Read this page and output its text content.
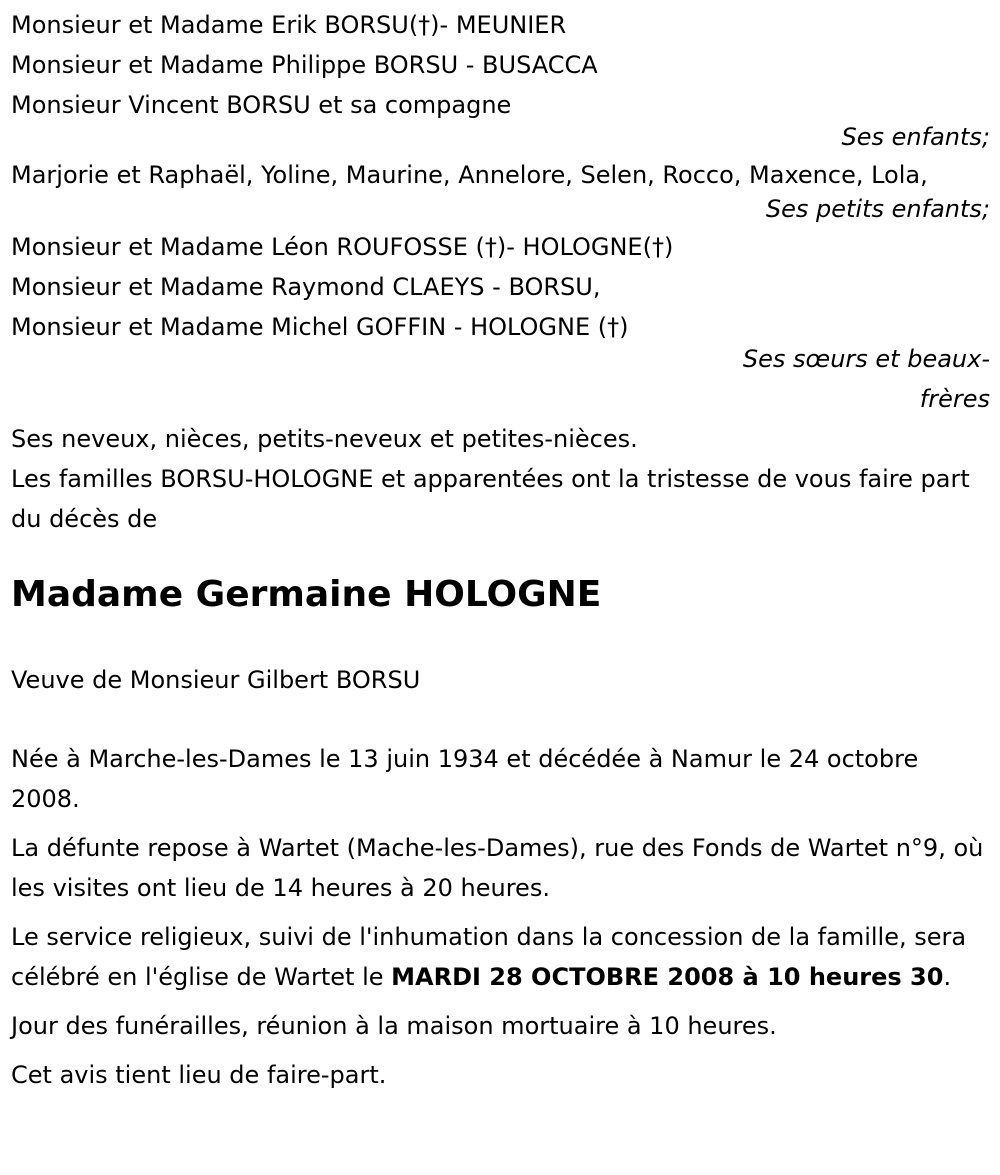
Monsieur et Madame Erik BORSU(†)- MEUNIER
Monsieur et Madame Philippe BORSU - BUSACCA
Monsieur Vincent BORSU et sa compagne
Ses enfants;

Marjorie et Raphaël, Yoline, Maurine, Annelore, Selen, Rocco, Maxence, Lola,

Ses petits enfants;
Monsieur et Madame Léon ROUFOSSE (†)- HOLOGNE(†)
Monsieur et Madame Raymond CLAEYS - BORSU,
Monsieur et Madame Michel GOFFIN - HOLOGNE (†)
Ses sœurs et beaux-frères

Ses neveux, nièces, petits-neveux et petites-nièces.

Les familles BORSU-HOLOGNE et apparentées ont la tristesse de vous faire part du décès de

Madame Germaine HOLOGNE
Veuve de Monsieur Gilbert BORSU

Née à Marche-les-Dames le 13 juin 1934 et décédée à Namur le 24 octobre 2008.

La défunte repose à Wartet (Mache-les-Dames), rue des Fonds de Wartet n°9, où les visites ont lieu de 14 heures à 20 heures.

Le service religieux, suivi de l'inhumation dans la concession de la famille, sera célébré en l'église de Wartet le MARDI 28 OCTOBRE 2008 à 10 heures 30.

Jour des funérailles, réunion à la maison mortuaire à 10 heures.

Cet avis tient lieu de faire-part.
